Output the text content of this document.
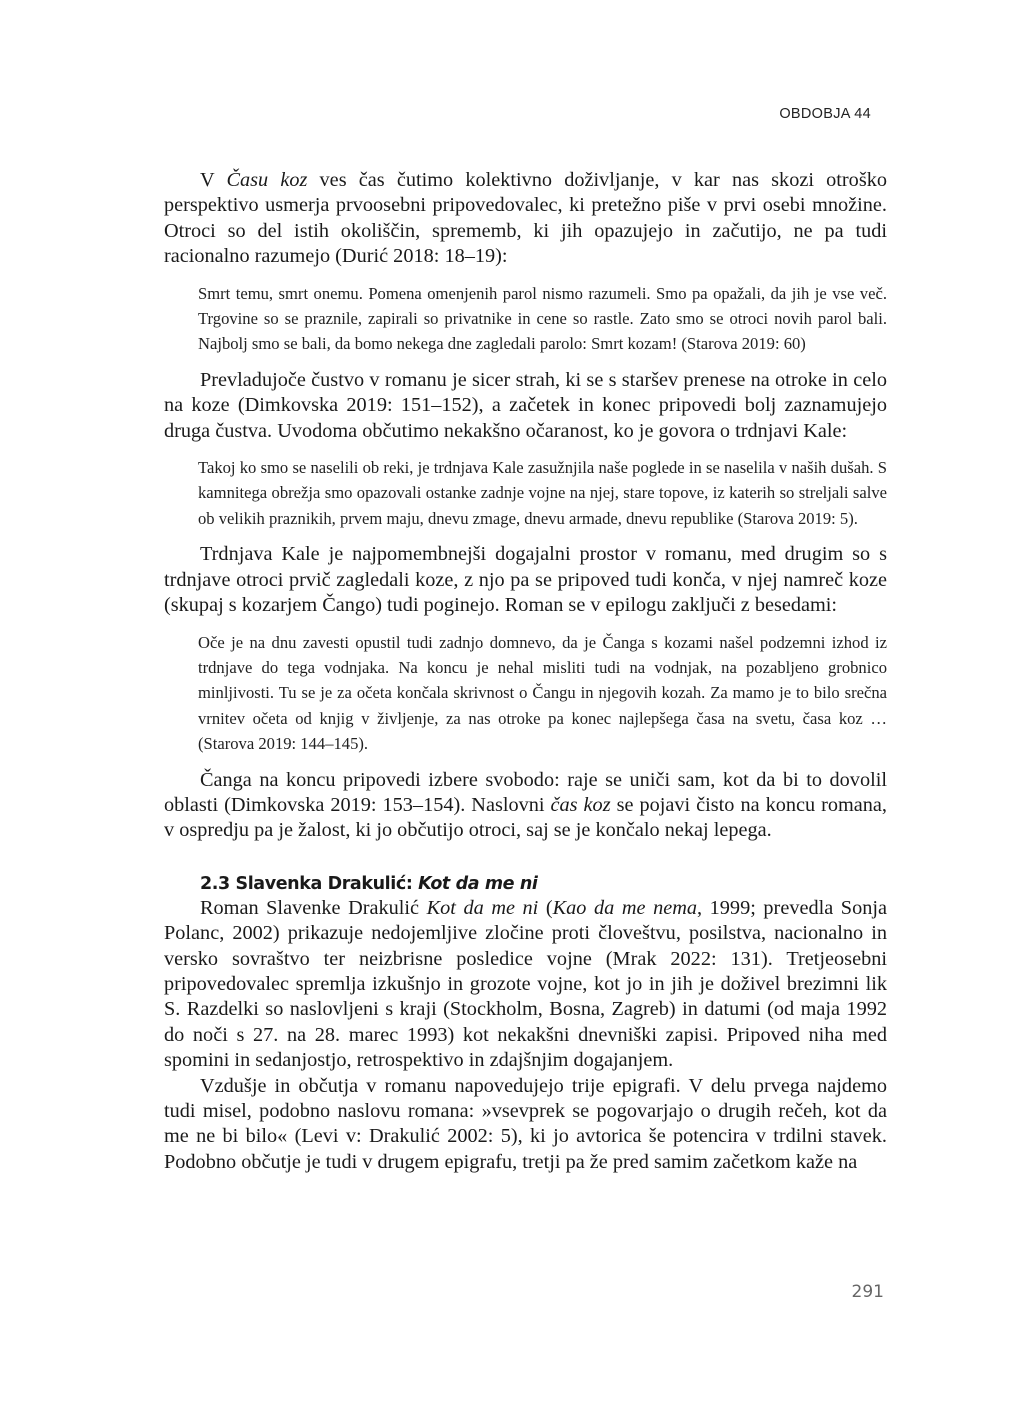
OBDOBJA 44

V Času koz ves čas čutimo kolektivno doživljanje, v kar nas skozi otroško perspektivo usmerja prvoosebni pripovedovalec, ki pretežno piše v prvi osebi množine. Otroci so del istih okoliščin, sprememb, ki jih opazujejo in začutijo, ne pa tudi racionalno razumejo (Durić 2018: 18–19):

Smrt temu, smrt onemu. Pomena omenjenih parol nismo razumeli. Smo pa opažali, da jih je vse več. Trgovine so se praznile, zapirali so privatnike in cene so rastle. Zato smo se otroci novih parol bali. Najbolj smo se bali, da bomo nekega dne zagledali parolo: Smrt kozam! (Starova 2019: 60)

Prevladujoče čustvo v romanu je sicer strah, ki se s staršev prenese na otroke in celo na koze (Dimkovska 2019: 151–152), a začetek in konec pripovedi bolj zaznamujejo druga čustva. Uvodoma občutimo nekakšno očaranost, ko je govora o trdnjavi Kale:

Takoj ko smo se naselili ob reki, je trdnjava Kale zasužnjila naše poglede in se naselila v naših dušah. S kamnitega obrežja smo opazovali ostanke zadnje vojne na njej, stare topove, iz katerih so streljali salve ob velikih praznikih, prvem maju, dnevu zmage, dnevu armade, dnevu republike (Starova 2019: 5).

Trdnjava Kale je najpomembnejši dogajalni prostor v romanu, med drugim so s trdnjave otroci prvič zagledali koze, z njo pa se pripoved tudi konča, v njej namreč koze (skupaj s kozarjem Čango) tudi poginejo. Roman se v epilogu zaključi z besedami:

Oče je na dnu zavesti opustil tudi zadnjo domnevo, da je Čanga s kozami našel podzemni izhod iz trdnjave do tega vodnjaka. Na koncu je nehal misliti tudi na vodnjak, na pozabljeno grobnico minljivosti. Tu se je za očeta končala skrivnost o Čangu in njegovih kozah. Za mamo je to bilo srečna vrnitev očeta od knjig v življenje, za nas otroke pa konec najlepšega časa na svetu, časa koz … (Starova 2019: 144–145).

Čanga na koncu pripovedi izbere svobodo: raje se uniči sam, kot da bi to dovolil oblasti (Dimkovska 2019: 153–154). Naslovni čas koz se pojavi čisto na koncu romana, v ospredju pa je žalost, ki jo občutijo otroci, saj se je končalo nekaj lepega.

2.3 Slavenka Drakulić: Kot da me ni

Roman Slavenke Drakulić Kot da me ni (Kao da me nema, 1999; prevedla Sonja Polanc, 2002) prikazuje nedojemljive zločine proti človeštvu, posilstva, nacionalno in versko sovraštvo ter neizbrisne posledice vojne (Mrak 2022: 131). Tretjeosebni pripovedovalec spremlja izkušnjo in grozote vojne, kot jo in jih je doživel brezimni lik S. Razdelki so naslovljeni s kraji (Stockholm, Bosna, Zagreb) in datumi (od maja 1992 do noči s 27. na 28. marec 1993) kot nekakšni dnevniški zapisi. Pripoved niha med spomini in sedanjostjo, retrospektivo in zdajšnjim dogajanjem.

Vzdušje in občutja v romanu napovedujejo trije epigrafi. V delu prvega najdemo tudi misel, podobno naslovu romana: »vsevprek se pogovarjajo o drugih rečeh, kot da me ne bi bilo« (Levi v: Drakulić 2002: 5), ki jo avtorica še potencira v trdilni stavek. Podobno občutje je tudi v drugem epigrafu, tretji pa že pred samim začetkom kaže na

291
